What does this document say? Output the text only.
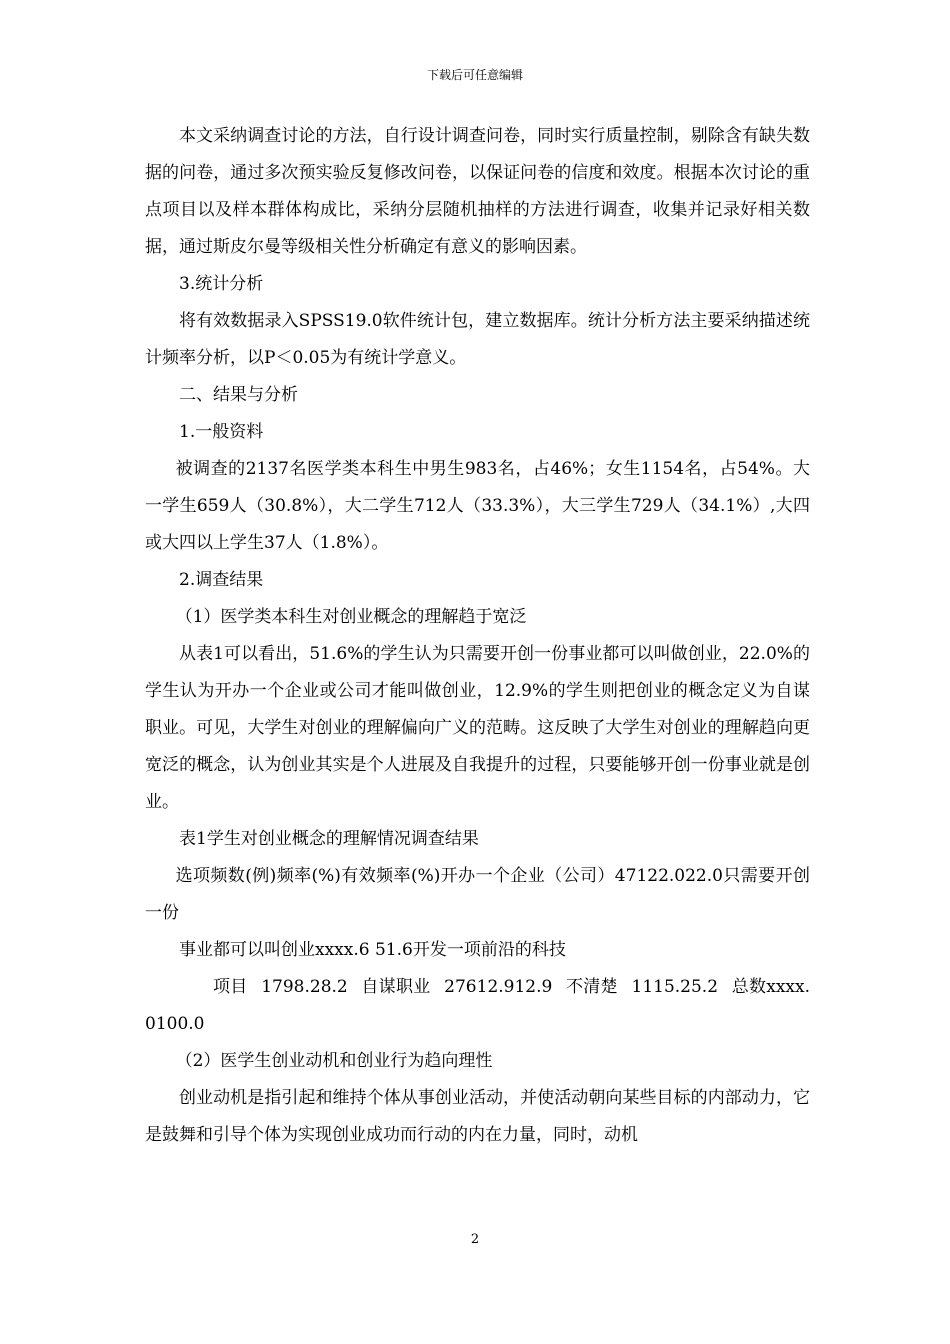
下载后可任意编辑

本文采纳调查讨论的方法，自行设计调查问卷，同时实行质量控制，剔除含有缺失数据的问卷，通过多次预实验反复修改问卷，以保证问卷的信度和效度。根据本次讨论的重点项目以及样本群体构成比，采纳分层随机抽样的方法进行调查，收集并记录好相关数据，通过斯皮尔曼等级相关性分析确定有意义的影响因素。

3.统计分析

将有效数据录入SPSS19.0软件统计包，建立数据库。统计分析方法主要采纳描述统计频率分析，以P＜0.05为有统计学意义。

二、结果与分析

1.一般资料

被调查的2137名医学类本科生中男生983名，占46%；女生1154名，占54%。大一学生659人（30.8%），大二学生712人（33.3%），大三学生729人（34.1%）,大四或大四以上学生37人（1.8%）。

2.调查结果

（1）医学类本科生对创业概念的理解趋于宽泛

从表1可以看出，51.6%的学生认为只需要开创一份事业都可以叫做创业，22.0%的学生认为开办一个企业或公司才能叫做创业，12.9%的学生则把创业的概念定义为自谋职业。可见，大学生对创业的理解偏向广义的范畴。这反映了大学生对创业的理解趋向更宽泛的概念，认为创业其实是个人进展及自我提升的过程，只要能够开创一份事业就是创业。

表1学生对创业概念的理解情况调查结果

选项频数(例)频率(%)有效频率(%)开办一个企业（公司）47122.022.0只需要开创一份

事业都可以叫创业xxxx.6 51.6开发一项前沿的科技

项目 1798.28.2 自谋职业 27612.912.9 不清楚 1115.25.2 总数xxxx.0100.0

（2）医学生创业动机和创业行为趋向理性

创业动机是指引起和维持个体从事创业活动，并使活动朝向某些目标的内部动力，它是鼓舞和引导个体为实现创业成功而行动的内在力量，同时，动机

2
